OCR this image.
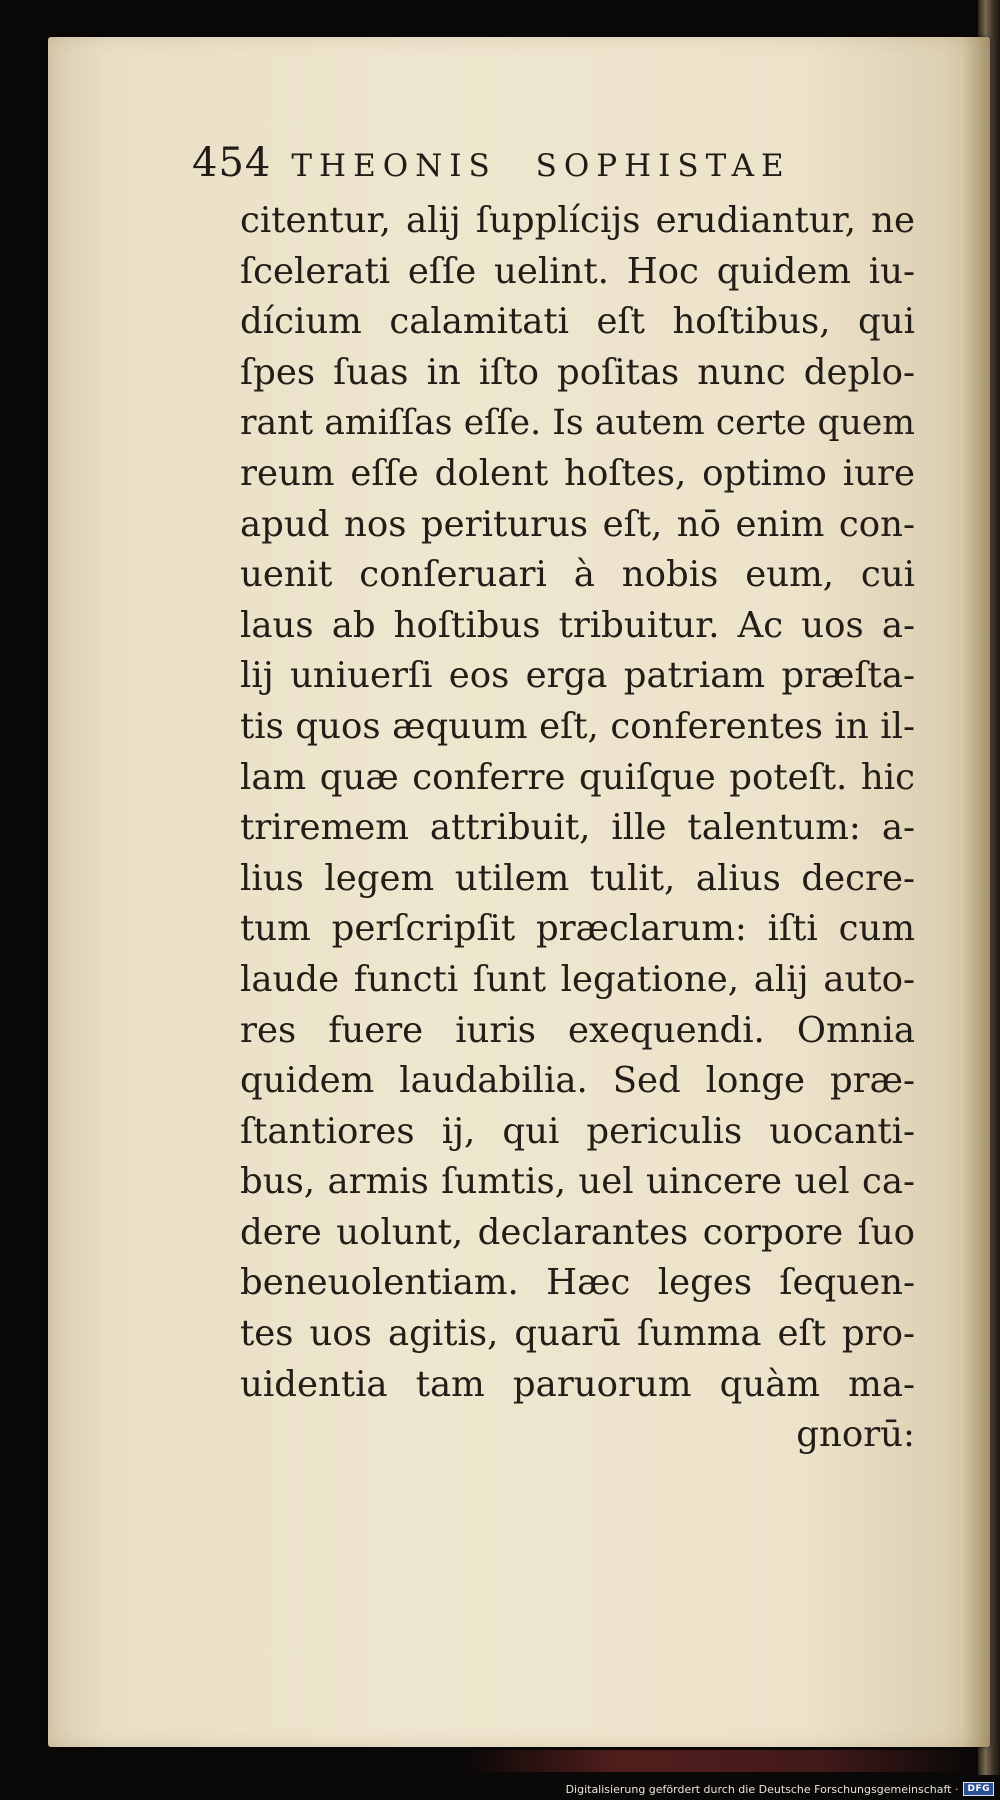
454 THEONIS SOPHISTAE
citentur, alij ſupplícijs erudiantur, ne
ſcelerati eſſe uelint. Hoc quidem iu-
dícium calamitati eſt hoſtibus, qui
ſpes ſuas in iſto poſitas nunc deplo-
rant amiſſas eſſe. Is autem certe quem
reum eſſe dolent hoſtes, optimo iure
apud nos periturus eſt, nō enim con-
uenit conſeruari à nobis eum, cui
laus ab hoſtibus tribuitur. Ac uos a-
lij uniuerſi eos erga patriam præſta-
tis quos æquum eſt, conferentes in il-
lam quæ conferre quiſque poteſt. hic
triremem attribuit, ille talentum: a-
lius legem utilem tulit, alius decre-
tum perſcripſit præclarum: iſti cum
laude functi ſunt legatione, alij auto-
res fuere iuris exequendi. Omnia
quidem laudabilia. Sed longe præ-
ſtantiores ij, qui periculis uocanti-
bus, armis ſumtis, uel uincere uel ca-
dere uolunt, declarantes corpore ſuo
beneuolentiam. Hæc leges ſequen-
tes uos agitis, quarū ſumma eſt pro-
uidentia tam paruorum quàm ma-
gnorū:
Digitalisierung gefördert durch die Deutsche Forschungsgemeinschaft ·	DFG
